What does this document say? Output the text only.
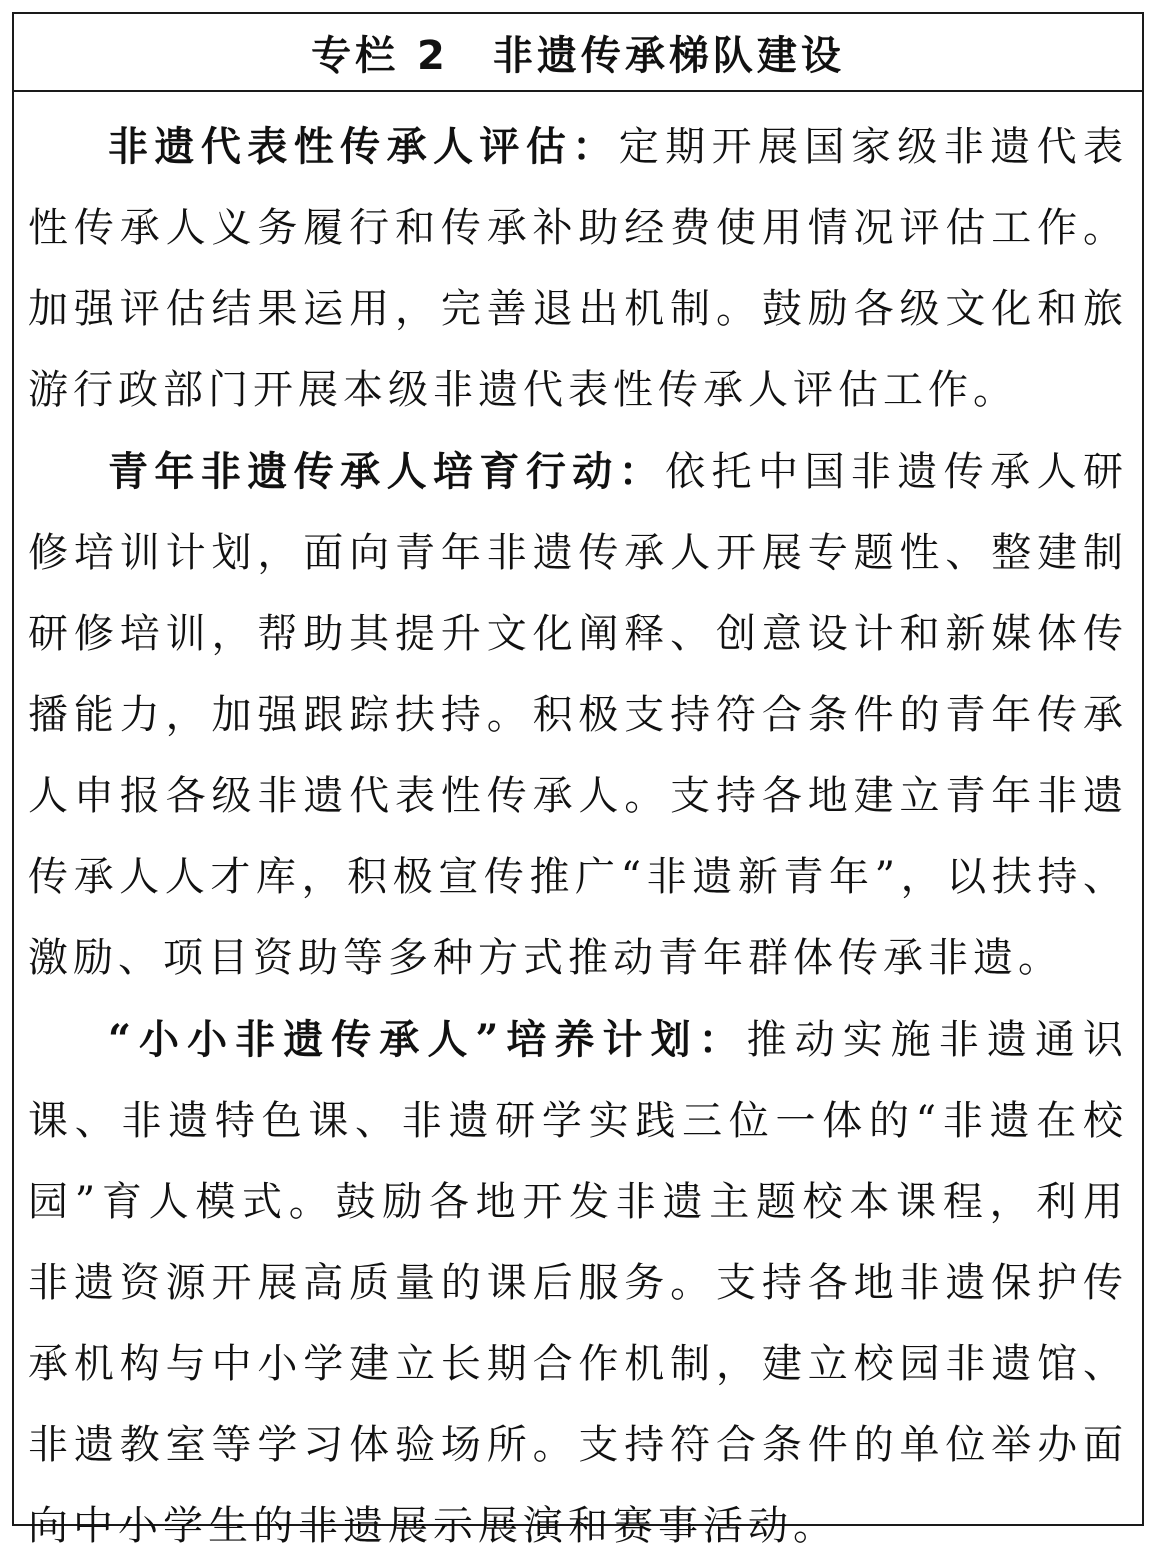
专栏 2　非遗传承梯队建设

非遗代表性传承人评估：定期开展国家级非遗代表性传承人义务履行和传承补助经费使用情况评估工作。加强评估结果运用，完善退出机制。鼓励各级文化和旅游行政部门开展本级非遗代表性传承人评估工作。

青年非遗传承人培育行动：依托中国非遗传承人研修培训计划，面向青年非遗传承人开展专题性、整建制研修培训，帮助其提升文化阐释、创意设计和新媒体传播能力，加强跟踪扶持。积极支持符合条件的青年传承人申报各级非遗代表性传承人。支持各地建立青年非遗传承人人才库，积极宣传推广“非遗新青年”，以扶持、激励、项目资助等多种方式推动青年群体传承非遗。

“小小非遗传承人”培养计划：推动实施非遗通识课、非遗特色课、非遗研学实践三位一体的“非遗在校园”育人模式。鼓励各地开发非遗主题校本课程，利用非遗资源开展高质量的课后服务。支持各地非遗保护传承机构与中小学建立长期合作机制，建立校园非遗馆、非遗教室等学习体验场所。支持符合条件的单位举办面向中小学生的非遗展示展演和赛事活动。
